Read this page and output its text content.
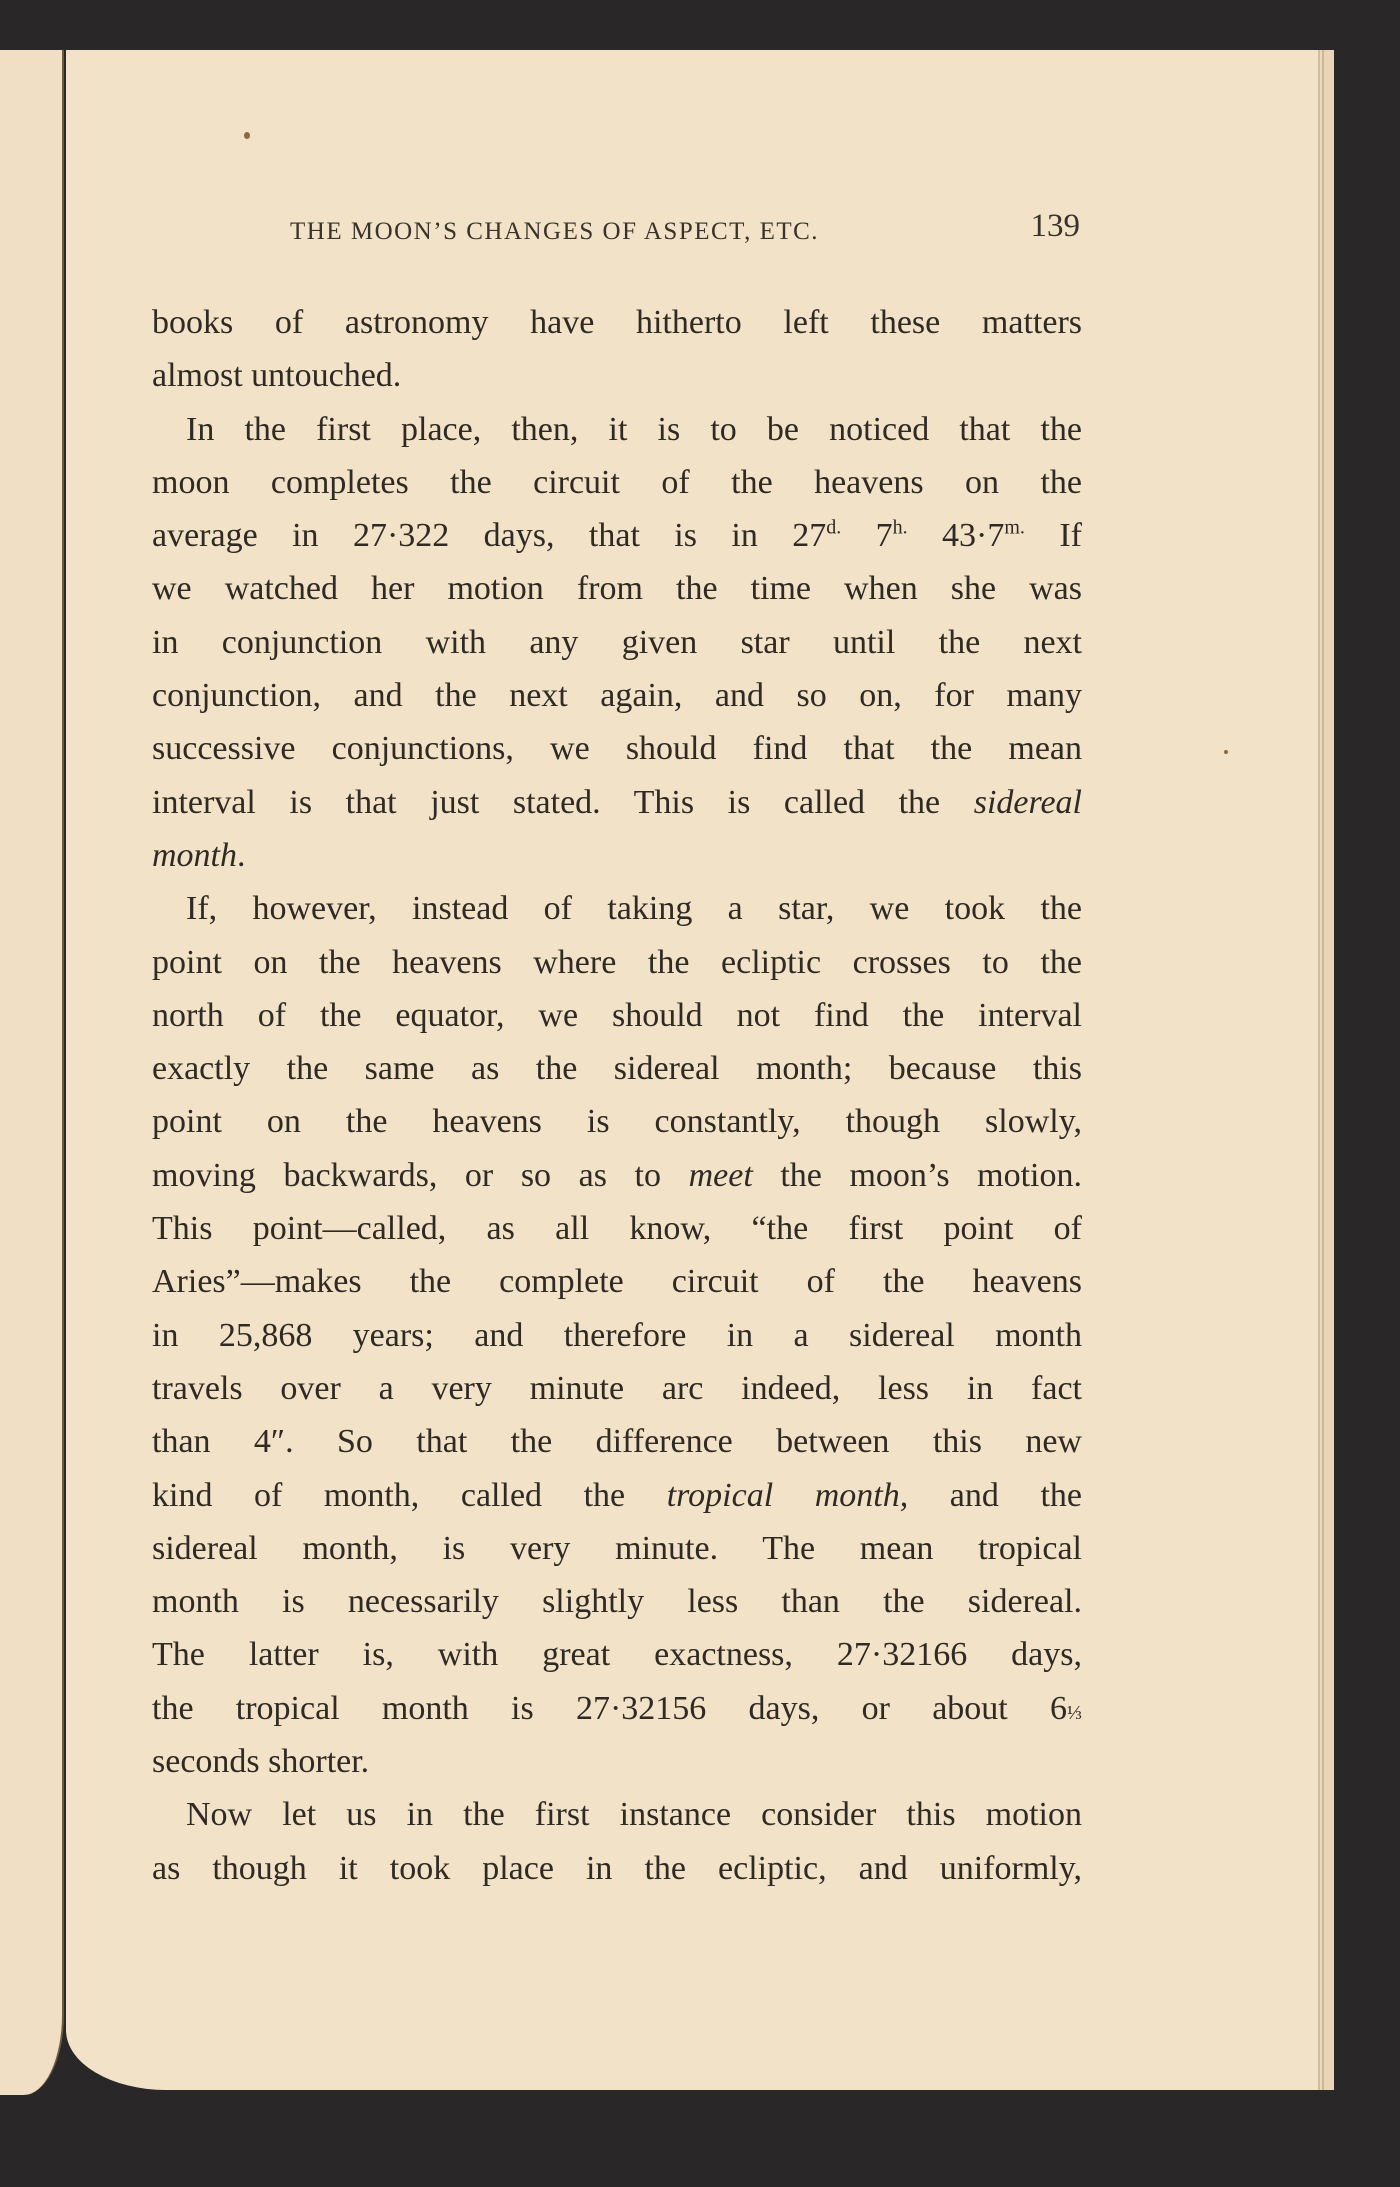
THE MOON’S CHANGES OF ASPECT, ETC.	139
books of astronomy have hitherto left these matters
almost untouched.
In the first place, then, it is to be noticed that the
moon completes the circuit of the heavens on the
average in 27·322 days, that is in $27^{d.}$ $7^{h.}$ $43\cdot 7^{m.}$ If
we watched her motion from the time when she was
in conjunction with any given star until the next
conjunction, and the next again, and so on, for many
successive conjunctions, we should find that the mean
interval is that just stated. This is called the sidereal
month.
If, however, instead of taking a star, we took the
point on the heavens where the ecliptic crosses to the
north of the equator, we should not find the interval
exactly the same as the sidereal month; because this
point on the heavens is constantly, though slowly,
moving backwards, or so as to meet the moon’s motion.
This point—called, as all know, “the first point of
Aries”—makes the complete circuit of the heavens
in 25,868 years; and therefore in a sidereal month
travels over a very minute arc indeed, less in fact
than 4″. So that the difference between this new
kind of month, called the tropical month, and the
sidereal month, is very minute. The mean tropical
month is necessarily slightly less than the sidereal.
The latter is, with great exactness, 27·32166 days,
the tropical month is 27·32156 days, or about 6⅓
seconds shorter.
Now let us in the first instance consider this motion
as though it took place in the ecliptic, and uniformly,
